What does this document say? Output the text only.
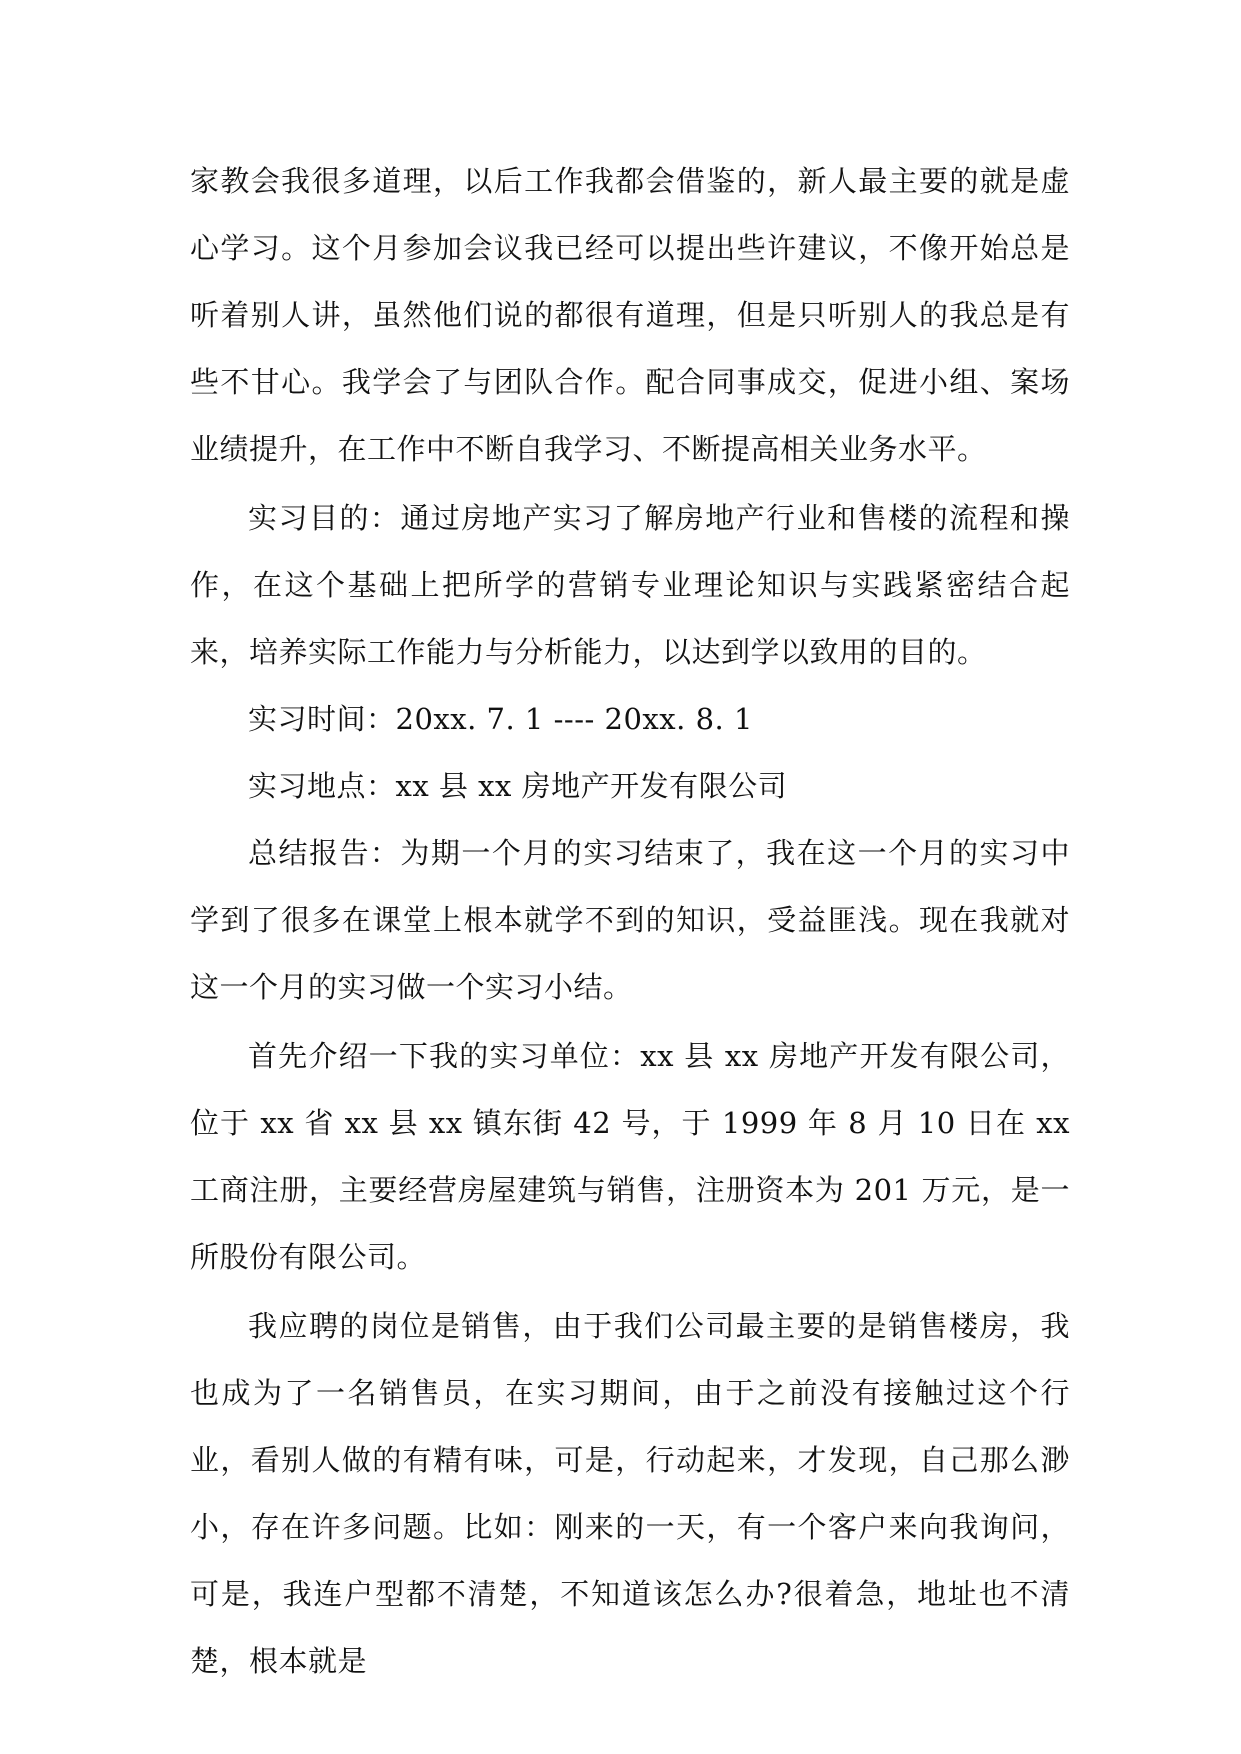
家教会我很多道理，以后工作我都会借鉴的，新人最主要的就是虚心学习。这个月参加会议我已经可以提出些许建议，不像开始总是听着别人讲，虽然他们说的都很有道理，但是只听别人的我总是有些不甘心。我学会了与团队合作。配合同事成交，促进小组、案场业绩提升，在工作中不断自我学习、不断提高相关业务水平。

实习目的：通过房地产实习了解房地产行业和售楼的流程和操作，在这个基础上把所学的营销专业理论知识与实践紧密结合起来，培养实际工作能力与分析能力，以达到学以致用的目的。

实习时间：20xx. 7. 1 ---- 20xx. 8. 1

实习地点：xx 县 xx 房地产开发有限公司

总结报告：为期一个月的实习结束了，我在这一个月的实习中学到了很多在课堂上根本就学不到的知识，受益匪浅。现在我就对这一个月的实习做一个实习小结。

首先介绍一下我的实习单位：xx 县 xx 房地产开发有限公司，位于 xx 省 xx 县 xx 镇东街 42 号，于 1999 年 8 月 10 日在 xx 工商注册，主要经营房屋建筑与销售，注册资本为 201 万元，是一所股份有限公司。

我应聘的岗位是销售，由于我们公司最主要的是销售楼房，我也成为了一名销售员，在实习期间，由于之前没有接触过这个行业，看别人做的有精有味，可是，行动起来，才发现，自己那么渺小，存在许多问题。比如：刚来的一天，有一个客户来向我询问，可是，我连户型都不清楚，不知道该怎么办?很着急，地址也不清楚，根本就是
